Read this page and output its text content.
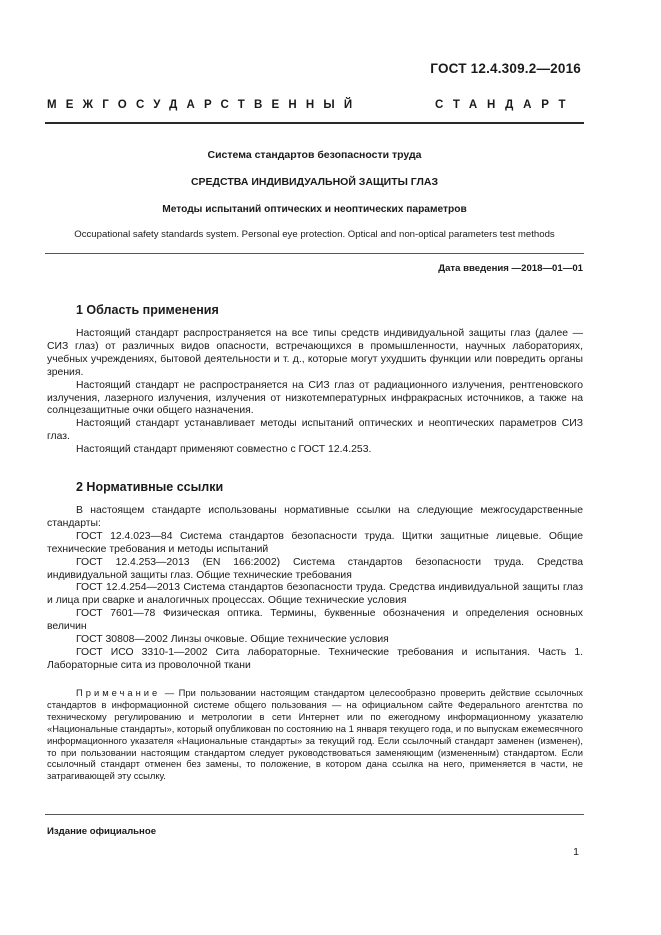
ГОСТ 12.4.309.2—2016
МЕЖГОСУДАРСТВЕННЫЙ	СТАНДАРТ
Система стандартов безопасности труда
СРЕДСТВА ИНДИВИДУАЛЬНОЙ ЗАЩИТЫ ГЛАЗ
Методы испытаний оптических и неоптических параметров
Occupational safety standards system. Personal eye protection. Optical and non-optical parameters test methods
Дата введения —2018—01—01
1 Область применения

Настоящий стандарт распространяется на все типы средств индивидуальной защиты глаз (далее — СИЗ глаз) от различных видов опасности, встречающихся в промышленности, научных лабораториях, учебных учреждениях, бытовой деятельности и т. д., которые могут ухудшить функции или повредить органы зрения.

Настоящий стандарт не распространяется на СИЗ глаз от радиационного излучения, рентгеновского излучения, лазерного излучения, излучения от низкотемпературных инфракрасных источников, а также на солнцезащитные очки общего назначения.

Настоящий стандарт устанавливает методы испытаний оптических и неоптических параметров СИЗ глаз.

Настоящий стандарт применяют совместно с ГОСТ 12.4.253.

2 Нормативные ссылки

В настоящем стандарте использованы нормативные ссылки на следующие межгосударственные стандарты:

ГОСТ 12.4.023—84 Система стандартов безопасности труда. Щитки защитные лицевые. Общие технические требования и методы испытаний

ГОСТ 12.4.253—2013 (EN 166:2002) Система стандартов безопасности труда. Средства индивидуальной защиты глаз. Общие технические требования

ГОСТ 12.4.254—2013 Система стандартов безопасности труда. Средства индивидуальной защиты глаз и лица при сварке и аналогичных процессах. Общие технические условия

ГОСТ 7601—78 Физическая оптика. Термины, буквенные обозначения и определения основных величин

ГОСТ 30808—2002 Линзы очковые. Общие технические условия

ГОСТ ИСО 3310-1—2002 Сита лабораторные. Технические требования и испытания. Часть 1. Лабораторные сита из проволочной ткани

Примечание — При пользовании настоящим стандартом целесообразно проверить действие ссылочных стандартов в информационной системе общего пользования — на официальном сайте Федерального агентства по техническому регулированию и метрологии в сети Интернет или по ежегодному информационному указателю «Национальные стандарты», который опубликован по состоянию на 1 января текущего года, и по выпускам ежемесячного информационного указателя «Национальные стандарты» за текущий год. Если ссылочный стандарт заменен (изменен), то при пользовании настоящим стандартом следует руководствоваться заменяющим (измененным) стандартом. Если ссылочный стандарт отменен без замены, то положение, в котором дана ссылка на него, применяется в части, не затрагивающей эту ссылку.

Издание официальное
1
